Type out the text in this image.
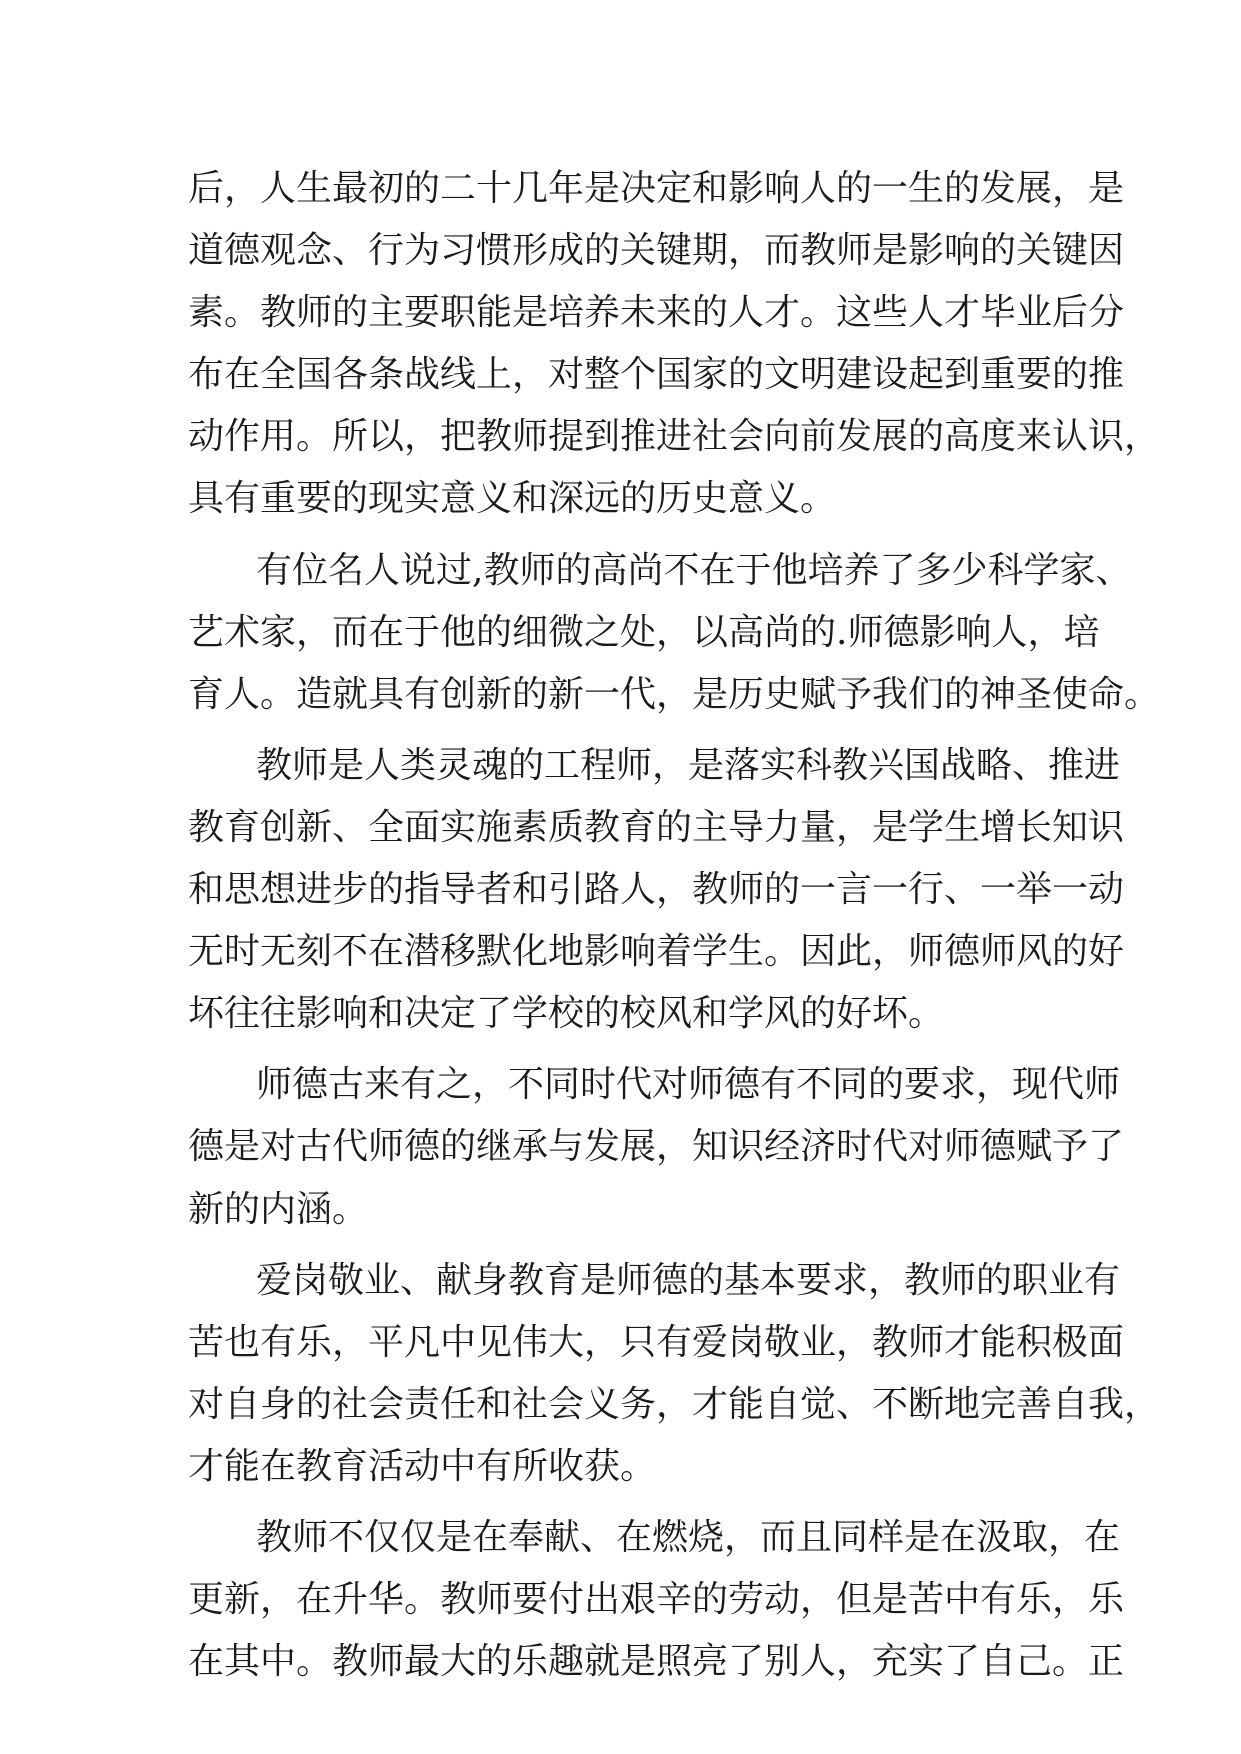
后，人生最初的二十几年是决定和影响人的一生的发展，是
道德观念、行为习惯形成的关键期，而教师是影响的关键因
素。教师的主要职能是培养未来的人才。这些人才毕业后分
布在全国各条战线上，对整个国家的文明建设起到重要的推
动作用。所以，把教师提到推进社会向前发展的高度来认识，
具有重要的现实意义和深远的历史意义。
有位名人说过,教师的高尚不在于他培养了多少科学家、
艺术家，而在于他的细微之处，以高尚的.师德影响人，培
育人。造就具有创新的新一代，是历史赋予我们的神圣使命。
教师是人类灵魂的工程师，是落实科教兴国战略、推进
教育创新、全面实施素质教育的主导力量，是学生增长知识
和思想进步的指导者和引路人，教师的一言一行、一举一动
无时无刻不在潜移默化地影响着学生。因此，师德师风的好
坏往往影响和决定了学校的校风和学风的好坏。
师德古来有之，不同时代对师德有不同的要求，现代师
德是对古代师德的继承与发展，知识经济时代对师德赋予了
新的内涵。
爱岗敬业、献身教育是师德的基本要求，教师的职业有
苦也有乐，平凡中见伟大，只有爱岗敬业，教师才能积极面
对自身的社会责任和社会义务，才能自觉、不断地完善自我，
才能在教育活动中有所收获。
教师不仅仅是在奉献、在燃烧，而且同样是在汲取，在
更新，在升华。教师要付出艰辛的劳动，但是苦中有乐，乐
在其中。教师最大的乐趣就是照亮了别人，充实了自己。正
